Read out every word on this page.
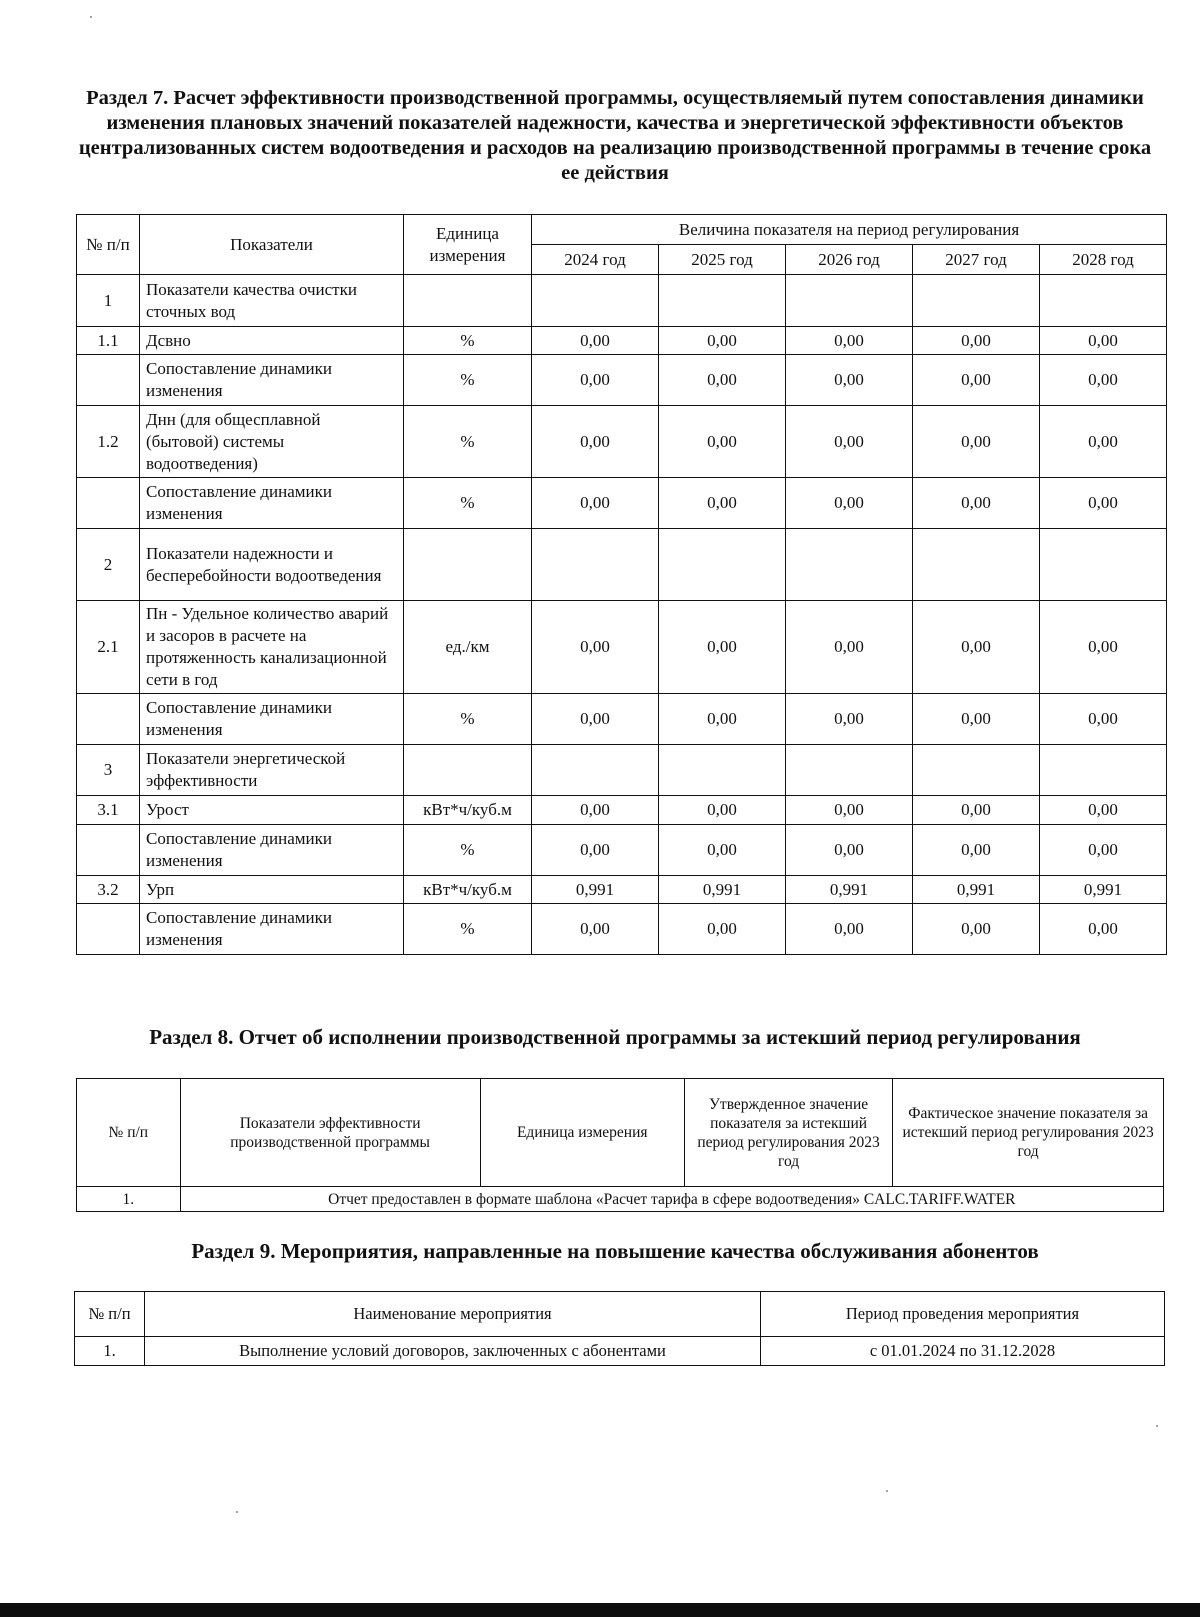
Раздел 7. Расчет эффективности производственной программы, осуществляемый путем сопоставления динамики изменения плановых значений показателей надежности, качества и энергетической эффективности объектов централизованных систем водоотведения и расходов на реализацию производственной программы в течение срока ее действия
№ п/п	Показатели	Единица измерения	Величина показателя на период регулирования				
			2024 год	2025 год	2026 год	2027 год	2028 год
1	Показатели качества очистки сточных вод						
1.1	Дсвно	%	0,00	0,00	0,00	0,00	0,00
	Сопоставление динамики изменения	%	0,00	0,00	0,00	0,00	0,00
1.2	Днн (для общесплавной (бытовой) системы водоотведения)	%	0,00	0,00	0,00	0,00	0,00
	Сопоставление динамики изменения	%	0,00	0,00	0,00	0,00	0,00
2	Показатели надежности и бесперебойности водоотведения						
2.1	Пн - Удельное количество аварий и засоров в расчете на протяженность канализационной сети в год	ед./км	0,00	0,00	0,00	0,00	0,00
	Сопоставление динамики изменения	%	0,00	0,00	0,00	0,00	0,00
3	Показатели энергетической эффективности						
3.1	Урост	кВт*ч/куб.м	0,00	0,00	0,00	0,00	0,00
	Сопоставление динамики изменения	%	0,00	0,00	0,00	0,00	0,00
3.2	Урп	кВт*ч/куб.м	0,991	0,991	0,991	0,991	0,991
	Сопоставление динамики изменения	%	0,00	0,00	0,00	0,00	0,00
Раздел 8. Отчет об исполнении производственной программы за истекший период регулирования
№ п/п	Показатели эффективности производственной программы	Единица измерения	Утвержденное значение показателя за истекший период регулирования 2023 год	Фактическое значение показателя за истекший период регулирования 2023 год
1.	Отчет предоставлен в формате шаблона «Расчет тарифа в сфере водоотведения» CALC.TARIFF.WATER			
Раздел 9. Мероприятия, направленные на повышение качества обслуживания абонентов
№ п/п	Наименование мероприятия	Период проведения мероприятия
1.	Выполнение условий договоров, заключенных с абонентами	с 01.01.2024 по 31.12.2028
